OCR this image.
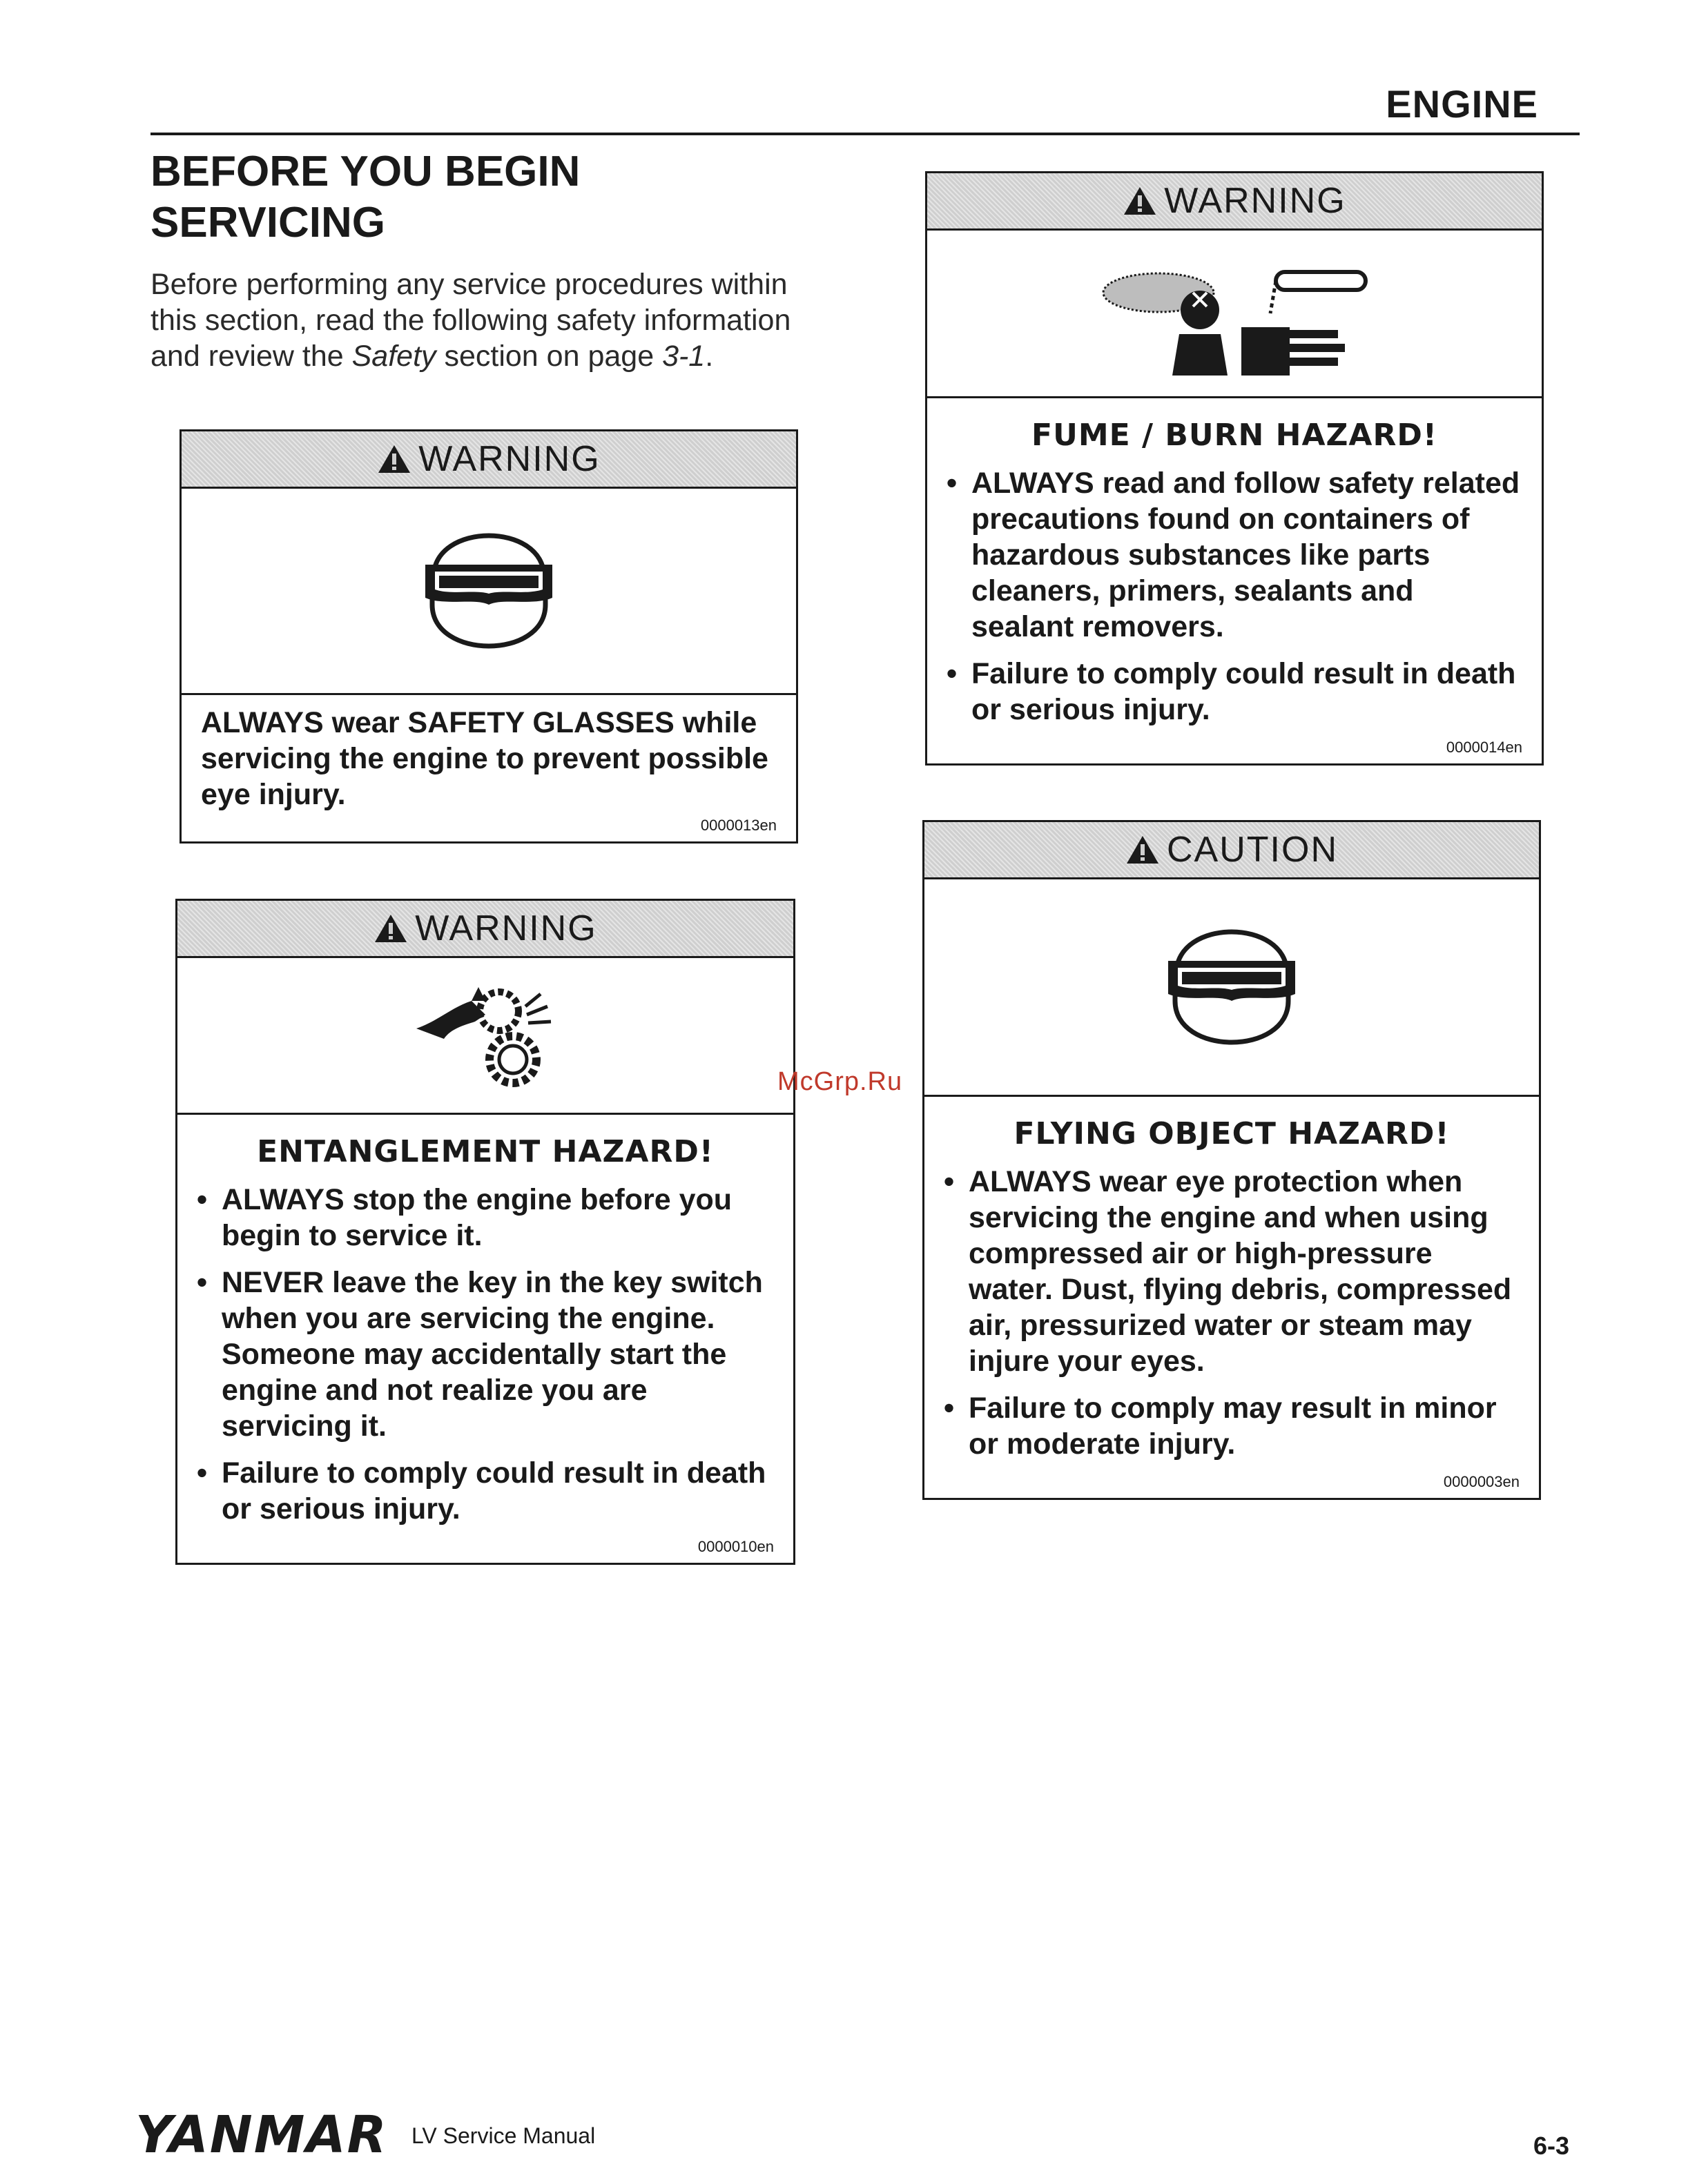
ENGINE
BEFORE YOU BEGIN SERVICING

Before performing any service procedures within this section, read the following safety information and review the Safety section on page 3-1.

WARNING

ALWAYS wear SAFETY GLASSES while servicing the engine to prevent possible eye injury.

0000013en
WARNING
ENTANGLEMENT HAZARD!
• ALWAYS stop the engine before you begin to service it.
• NEVER leave the key in the key switch when you are servicing the engine. Someone may accidentally start the engine and not realize you are servicing it.
• Failure to comply could result in death or serious injury.
0000010en
WARNING
FUME / BURN HAZARD!
• ALWAYS read and follow safety related precautions found on containers of hazardous substances like parts cleaners, primers, sealants and sealant removers.
• Failure to comply could result in death or serious injury.
0000014en
CAUTION
FLYING OBJECT HAZARD!
• ALWAYS wear eye protection when servicing the engine and when using compressed air or high-pressure water. Dust, flying debris, compressed air, pressurized water or steam may injure your eyes.
• Failure to comply may result in minor or moderate injury.
0000003en
McGrp.Ru
YANMAR LV Service Manual	6-3
